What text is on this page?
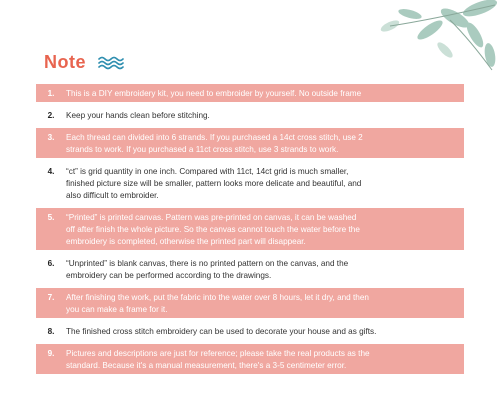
Note
1.	This is a DIY embroidery kit, you need to embroider by yourself. No outside frame
2.	Keep your hands clean before stitching.
3.	Each thread can divided into 6 strands. If you purchased a 14ct cross stitch, use 2
strands to work. If you purchased a 11ct cross stitch, use 3 strands to work.
4.	“ct” is grid quantity in one inch. Compared with 11ct, 14ct grid is much smaller,
finished picture size will be smaller, pattern looks more delicate and beautiful, and
also difficult to embroider.
5.	“Printed” is printed canvas. Pattern was pre-printed on canvas, it can be washed
off after finish the whole picture. So the canvas cannot touch the water before the
embroidery is completed, otherwise the printed part will disappear.
6.	“Unprinted” is blank canvas, there is no printed pattern on the canvas, and the
embroidery can be performed according to the drawings.
7.	After finishing the work, put the fabric into the water over 8 hours, let it dry, and then
you can make a frame for it.
8.	The finished cross stitch embroidery can be used to decorate your house and as gifts.
9.	Pictures and descriptions are just for reference; please take the real products as the
standard. Because it's a manual measurement, there's a 3-5 centimeter error.
